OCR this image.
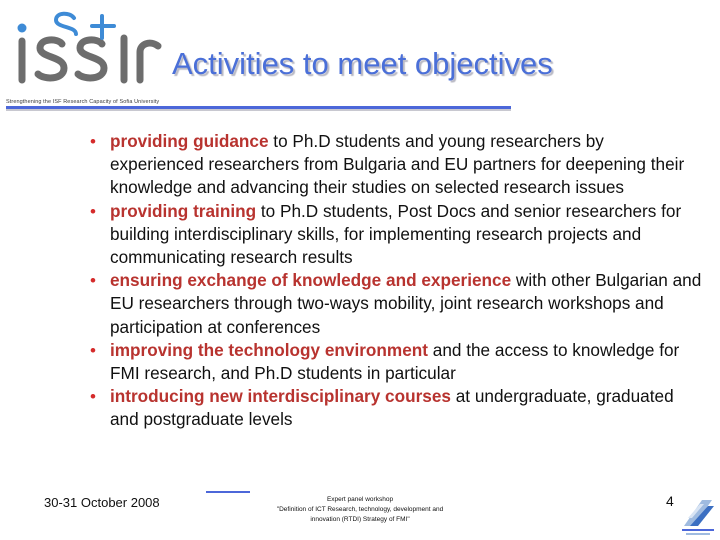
Activities to meet objectives
Strengthening the ISF Research Capacity of Sofia University
• providing guidance to Ph.D students and young researchers by experienced researchers from Bulgaria and EU partners for deepening their knowledge and advancing their studies on selected research issues
• providing training to Ph.D students, Post Docs and senior researchers for building interdisciplinary skills, for implementing research projects and communicating research results
• ensuring exchange of knowledge and experience with other Bulgarian and EU researchers through two-ways mobility, joint research workshops and participation at conferences
• improving the technology environment and the access to knowledge for FMI research, and Ph.D students in particular
• introducing new interdisciplinary courses at undergraduate, graduated and postgraduate levels
30-31 October 2008	Expert panel workshop
"Definition of ICT Research, technology, development and
innovation (RTDI) Strategy of FMI"
4
